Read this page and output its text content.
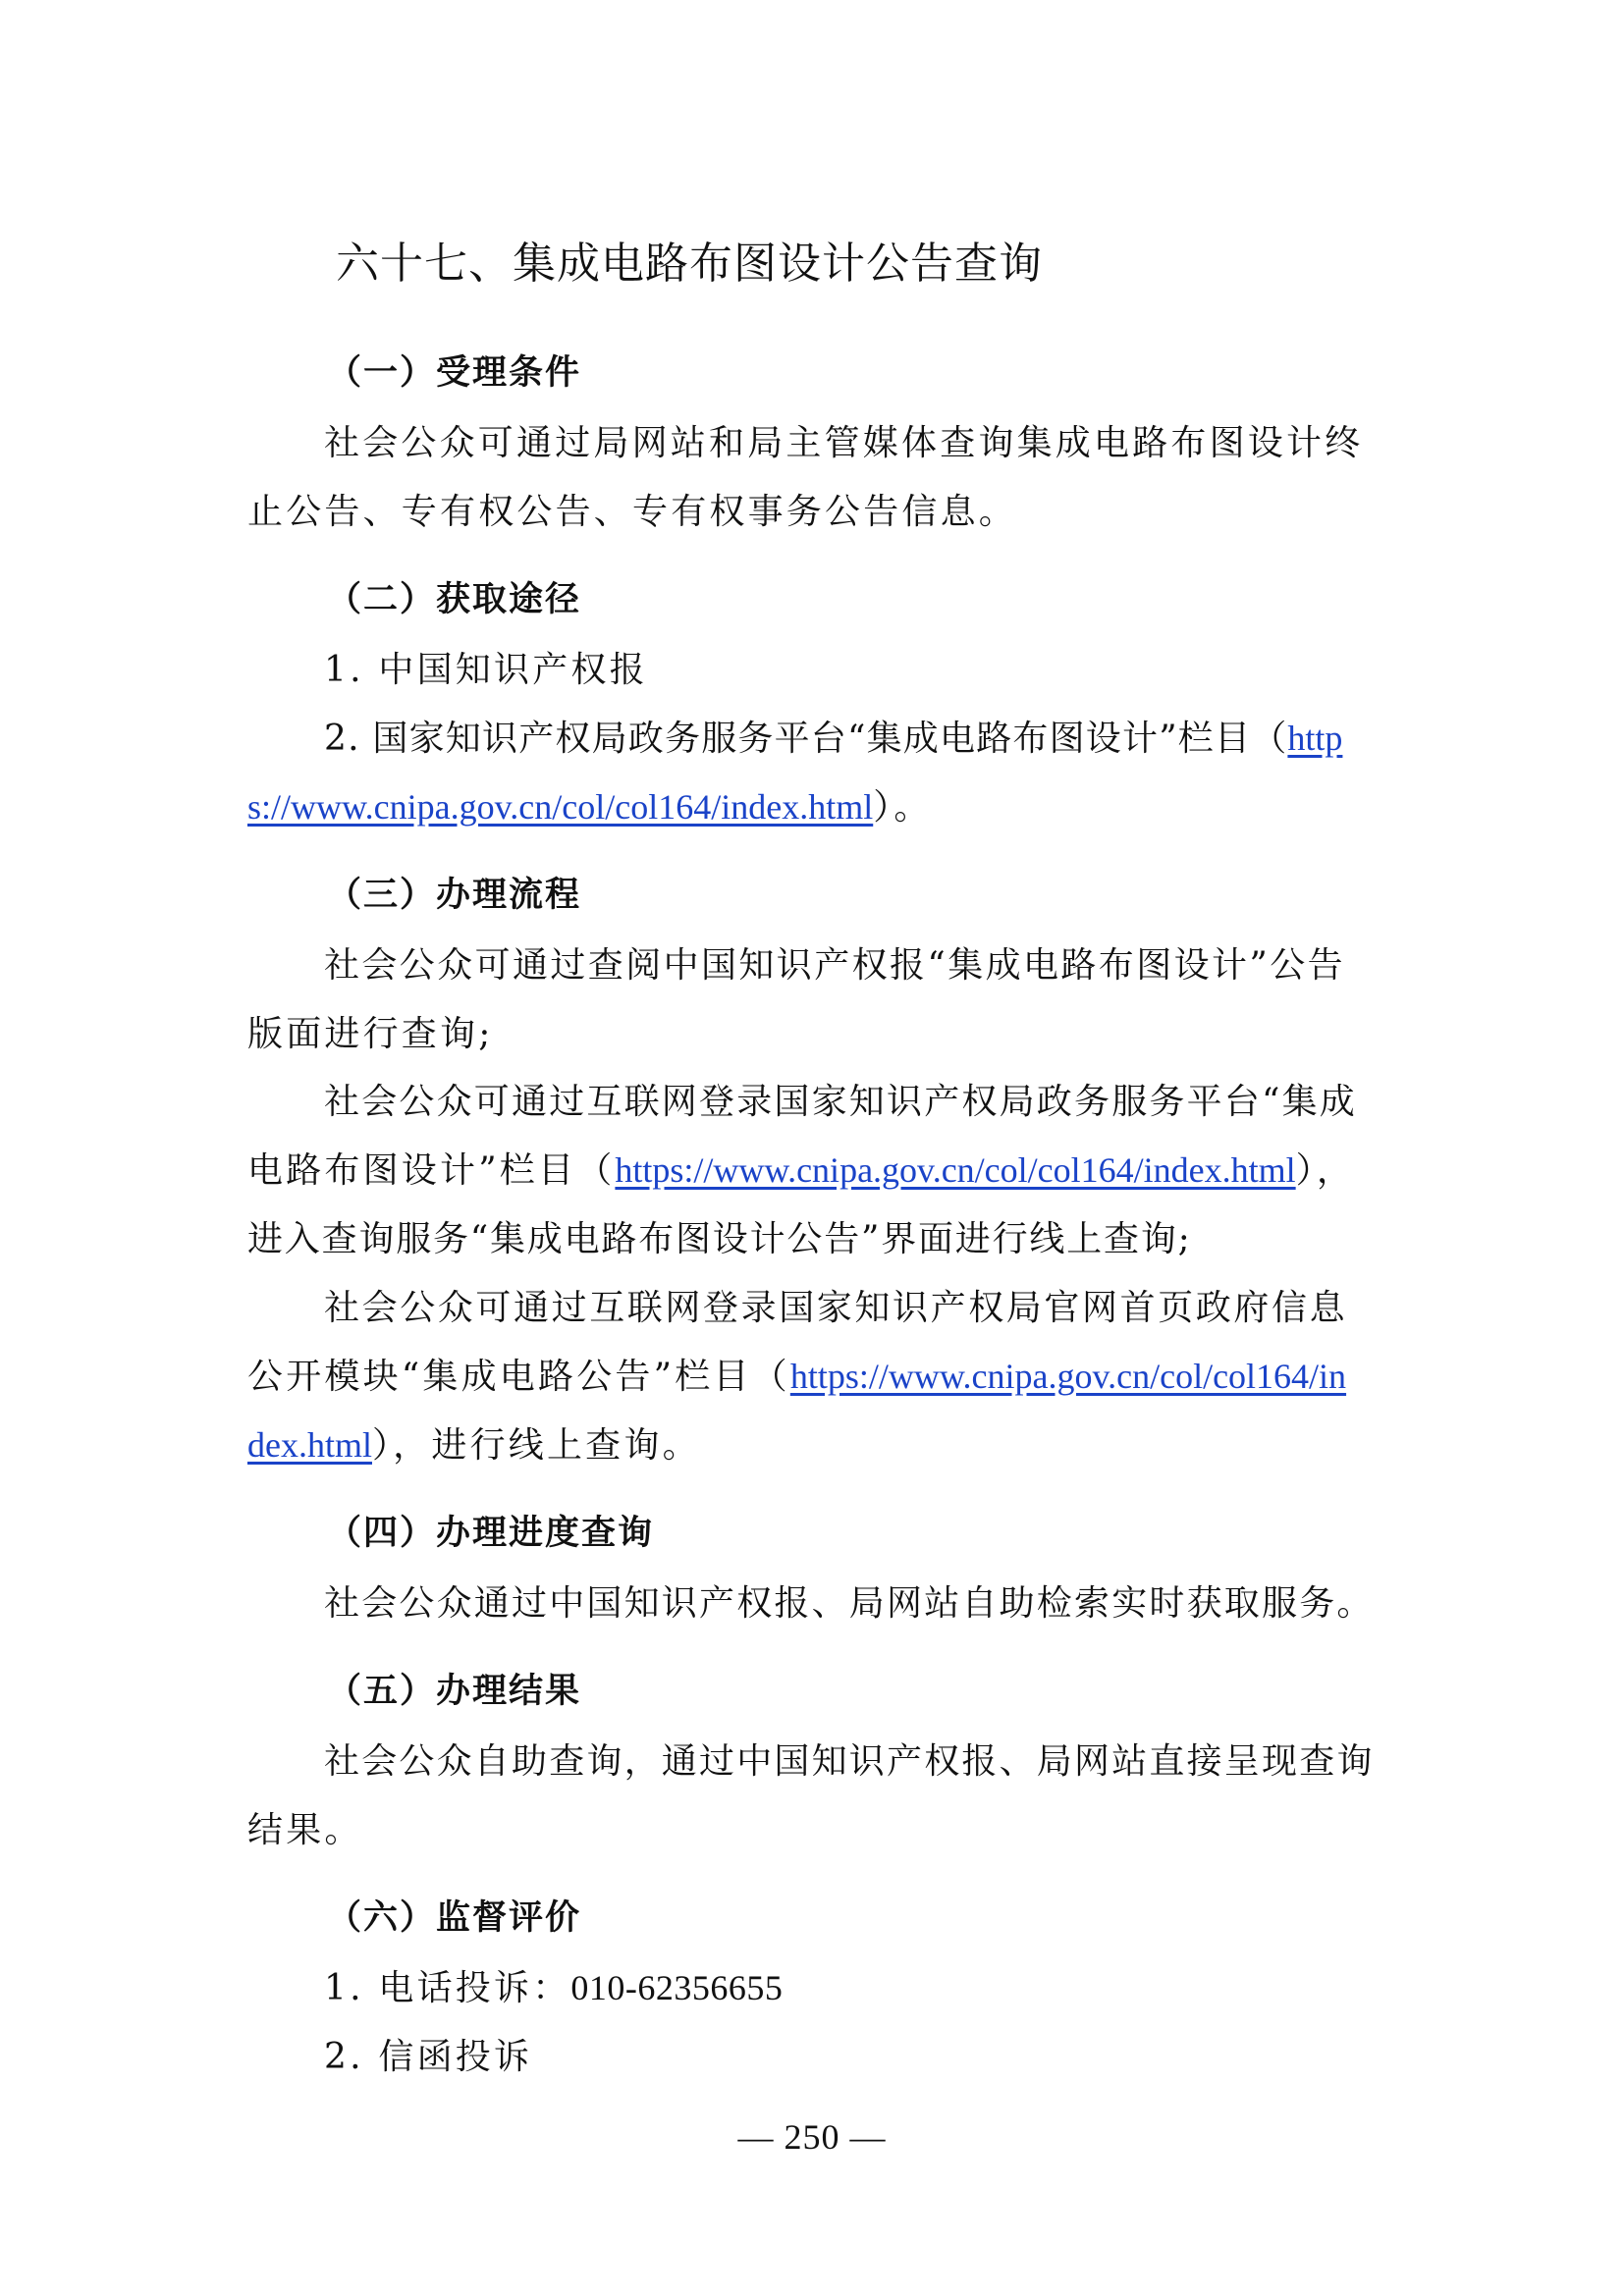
六十七、集成电路布图设计公告查询
（一）受理条件
社会公众可通过局网站和局主管媒体查询集成电路布图设计终
止公告、专有权公告、专有权事务公告信息。
（二）获取途径
1. 中国知识产权报
2. 国家知识产权局政务服务平台“集成电路布图设计”栏目（http
s://www.cnipa.gov.cn/col/col164/index.html）。
（三）办理流程
社会公众可通过查阅中国知识产权报“集成电路布图设计”公告
版面进行查询;
社会公众可通过互联网登录国家知识产权局政务服务平台“集成
电路布图设计”栏目（https://www.cnipa.gov.cn/col/col164/index.html），
进入查询服务“集成电路布图设计公告”界面进行线上查询;
社会公众可通过互联网登录国家知识产权局官网首页政府信息
公开模块“集成电路公告”栏目（https://www.cnipa.gov.cn/col/col164/in
dex.html），进行线上查询。
（四）办理进度查询
社会公众通过中国知识产权报、局网站自助检索实时获取服务。
（五）办理结果
社会公众自助查询，通过中国知识产权报、局网站直接呈现查询
结果。
（六）监督评价
1. 电话投诉：010-62356655
2. 信函投诉
— 250 —
